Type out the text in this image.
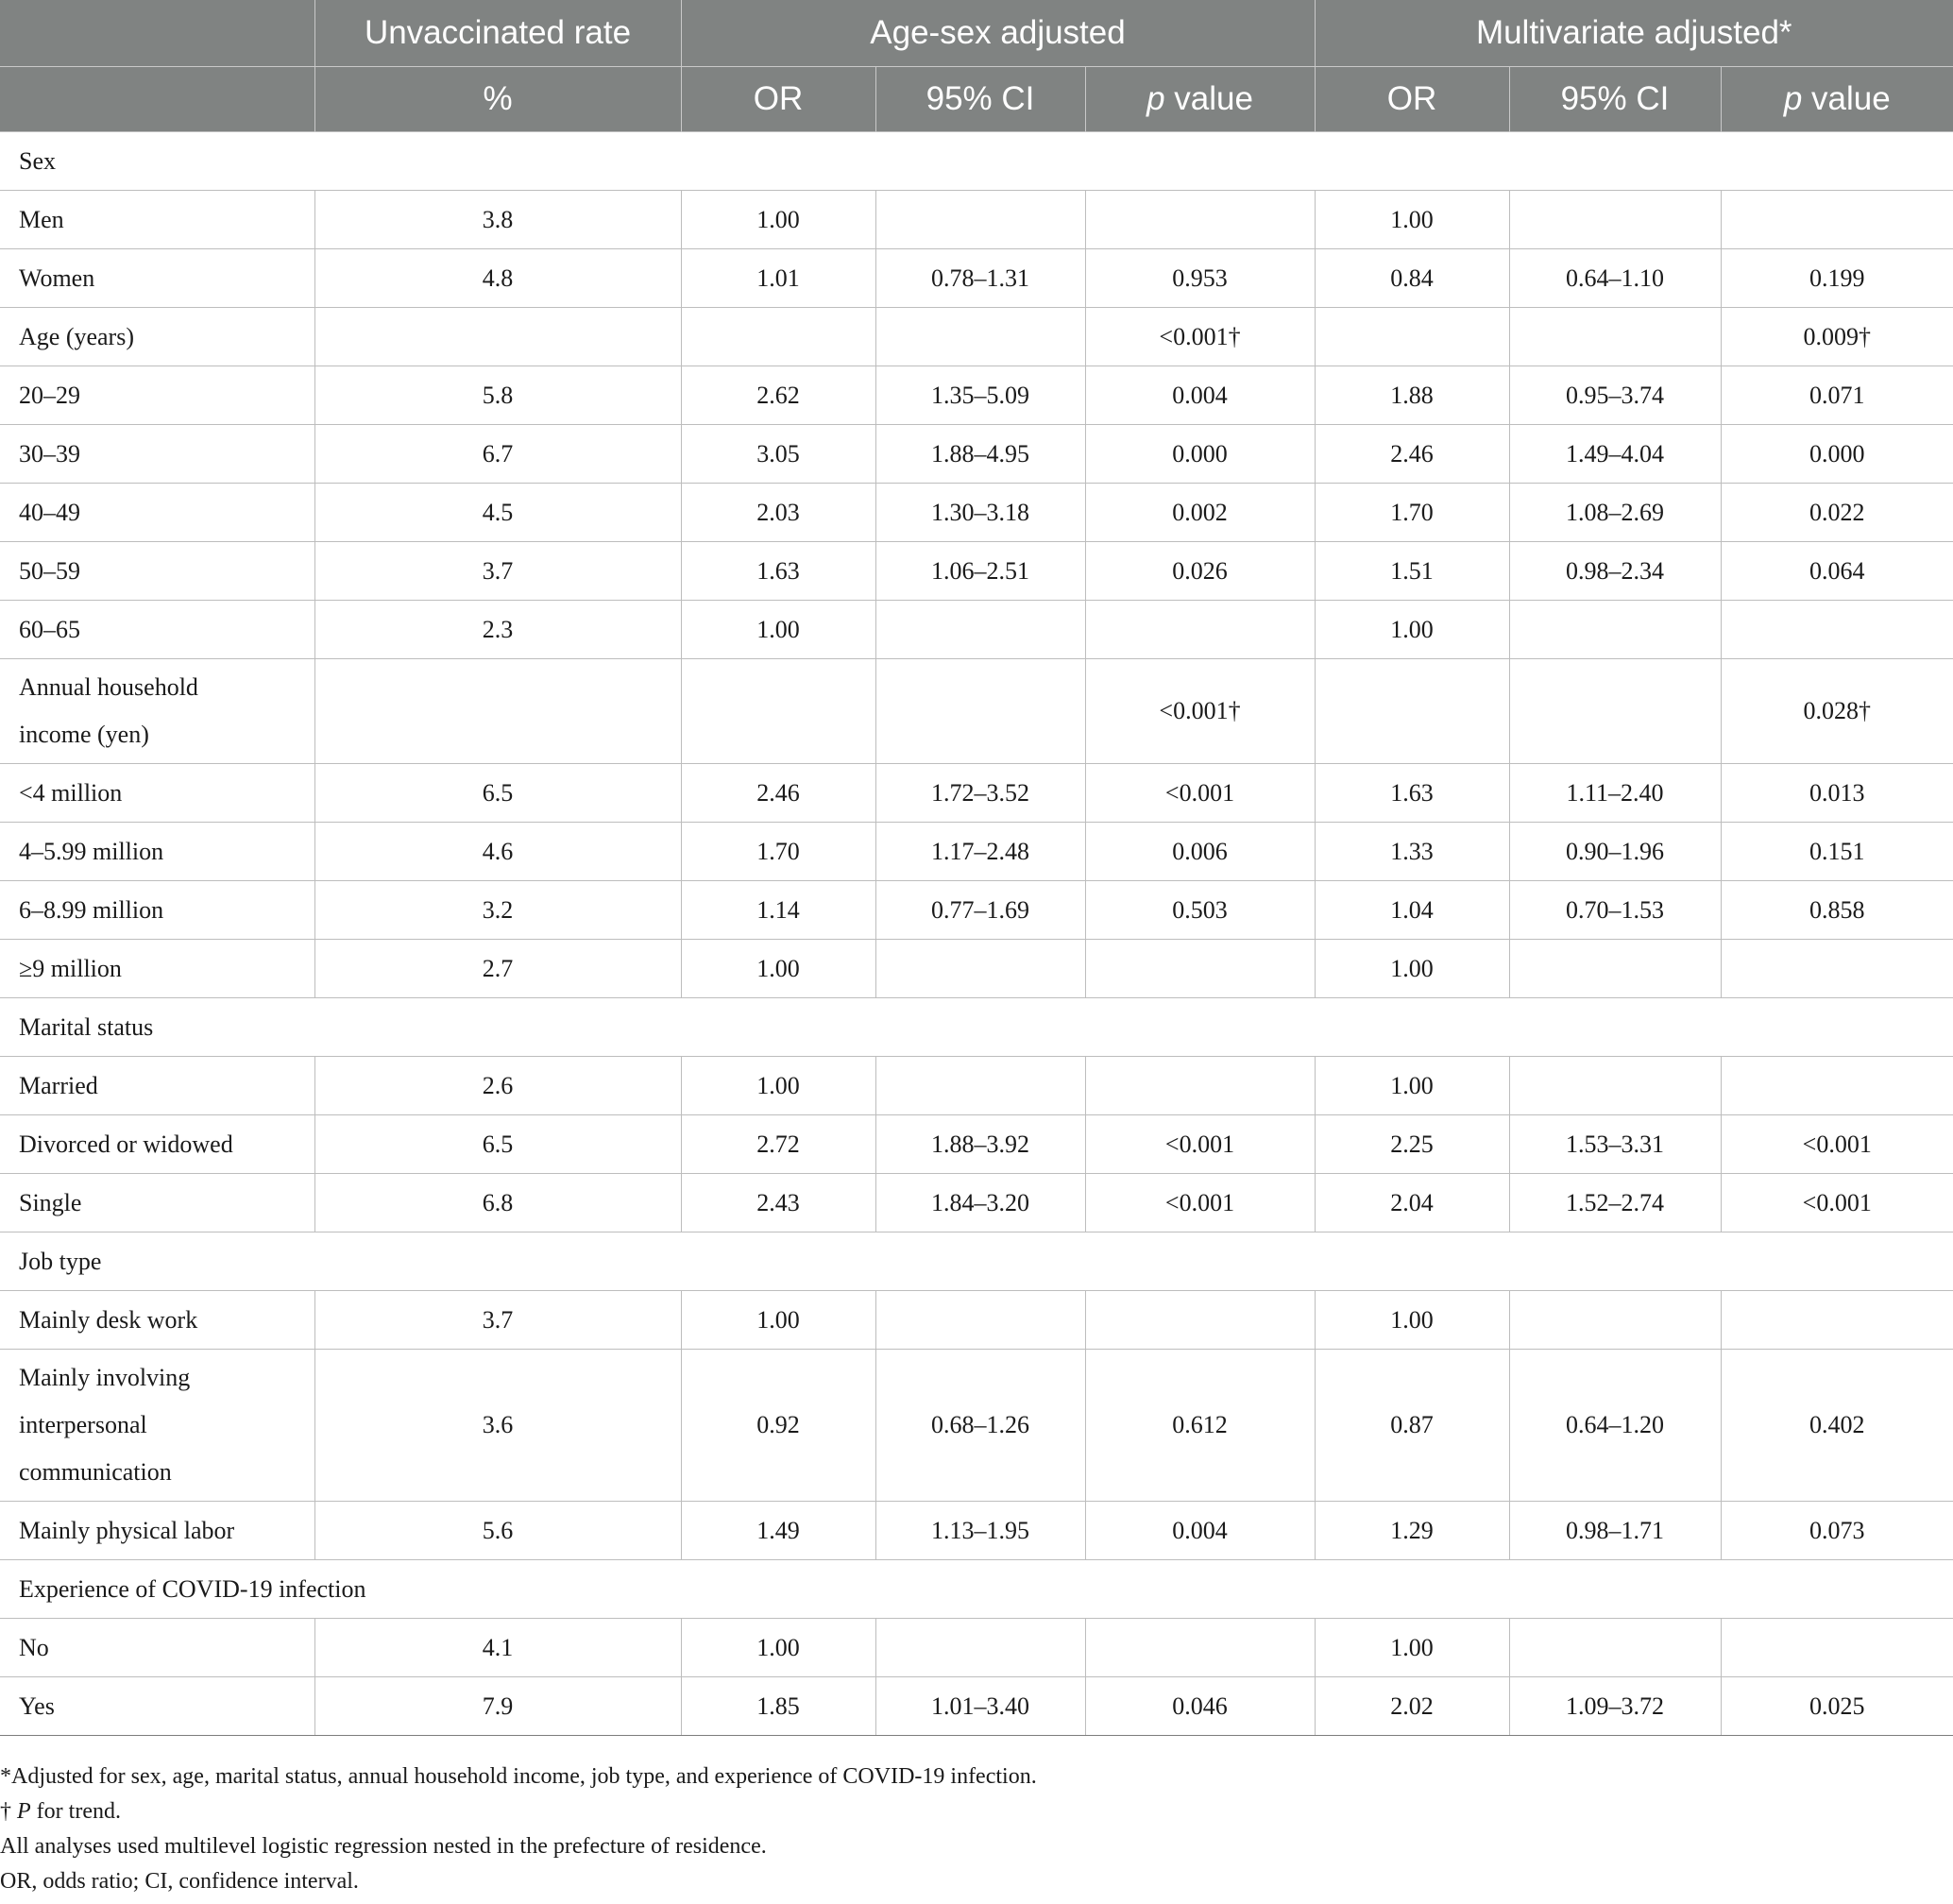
	Unvaccinated rate	Age-sex adjusted			Multivariate adjusted*		
	%	OR	95% CI	p value	OR	95% CI	p value
Sex							
Men	3.8	1.00			1.00		
Women	4.8	1.01	0.78–1.31	0.953	0.84	0.64–1.10	0.199
Age (years)				<0.001†			0.009†
20–29	5.8	2.62	1.35–5.09	0.004	1.88	0.95–3.74	0.071
30–39	6.7	3.05	1.88–4.95	0.000	2.46	1.49–4.04	0.000
40–49	4.5	2.03	1.30–3.18	0.002	1.70	1.08–2.69	0.022
50–59	3.7	1.63	1.06–2.51	0.026	1.51	0.98–2.34	0.064
60–65	2.3	1.00			1.00		
Annual household
income (yen)				<0.001†			0.028†
<4 million	6.5	2.46	1.72–3.52	<0.001	1.63	1.11–2.40	0.013
4–5.99 million	4.6	1.70	1.17–2.48	0.006	1.33	0.90–1.96	0.151
6–8.99 million	3.2	1.14	0.77–1.69	0.503	1.04	0.70–1.53	0.858
≥9 million	2.7	1.00			1.00		
Marital status							
Married	2.6	1.00			1.00		
Divorced or widowed	6.5	2.72	1.88–3.92	<0.001	2.25	1.53–3.31	<0.001
Single	6.8	2.43	1.84–3.20	<0.001	2.04	1.52–2.74	<0.001
Job type							
Mainly desk work	3.7	1.00			1.00		
Mainly involving
interpersonal
communication	3.6	0.92	0.68–1.26	0.612	0.87	0.64–1.20	0.402
Mainly physical labor	5.6	1.49	1.13–1.95	0.004	1.29	0.98–1.71	0.073
Experience of COVID-19 infection							
No	4.1	1.00			1.00		
Yes	7.9	1.85	1.01–3.40	0.046	2.02	1.09–3.72	0.025
*Adjusted for sex, age, marital status, annual household income, job type, and experience of COVID-19 infection.
† P for trend.
All analyses used multilevel logistic regression nested in the prefecture of residence.
OR, odds ratio; CI, confidence interval.
